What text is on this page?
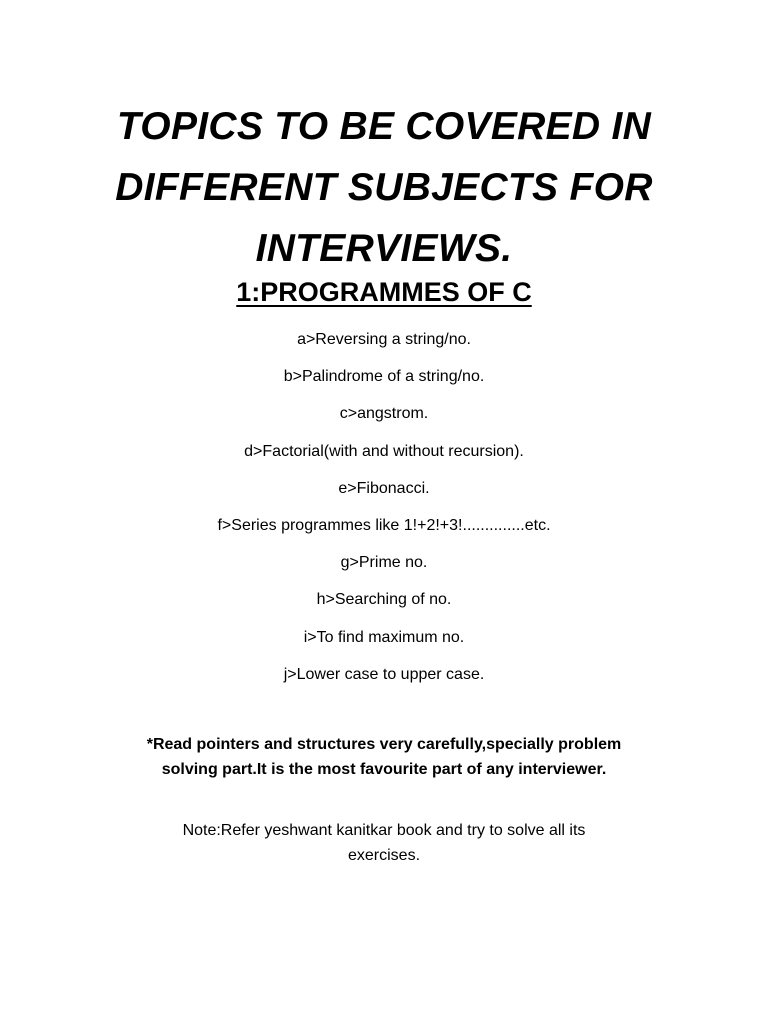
TOPICS TO BE COVERED IN
DIFFERENT SUBJECTS FOR
INTERVIEWS.
1:PROGRAMMES OF C
a>Reversing a string/no.
b>Palindrome of a string/no.
c>angstrom.
d>Factorial(with and without recursion).
e>Fibonacci.
f>Series programmes like 1!+2!+3!..............etc.
g>Prime no.
h>Searching of no.
i>To find maximum no.
j>Lower case to upper case.

*Read pointers and structures very carefully,specially problem solving part.It is the most favourite part of any interviewer.

Note:Refer yeshwant kanitkar book and try to solve all its exercises.
